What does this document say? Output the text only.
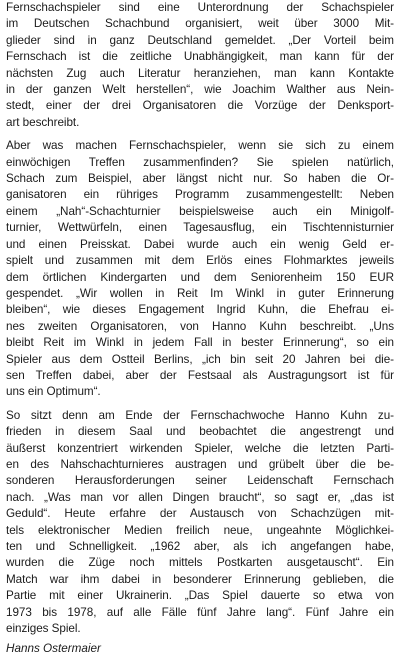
Fernschachspieler sind eine Unterordnung der Schachspieler
im Deutschen Schachbund organisiert, weit über 3000 Mit-
glieder sind in ganz Deutschland gemeldet. „Der Vorteil beim
Fernschach ist die zeitliche Unabhängigkeit, man kann für der
nächsten Zug auch Literatur heranziehen, man kann Kontakte
in der ganzen Welt herstellen“, wie Joachim Walther aus Nein-
stedt, einer der drei Organisatoren die Vorzüge der Denksport-
art beschreibt.

Aber was machen Fernschachspieler, wenn sie sich zu einem
einwöchigen Treffen zusammenfinden? Sie spielen natürlich,
Schach zum Beispiel, aber längst nicht nur. So haben die Or-
ganisatoren ein rühriges Programm zusammengestellt: Neben
einem „Nah“-Schachturnier beispielsweise auch ein Minigolf-
turnier, Wettwürfeln, einen Tagesausflug, ein Tischtennisturnier
und einen Preisskat. Dabei wurde auch ein wenig Geld er-
spielt und zusammen mit dem Erlös eines Flohmarktes jeweils
dem örtlichen Kindergarten und dem Seniorenheim 150 EUR
gespendet. „Wir wollen in Reit Im Winkl in guter Erinnerung
bleiben“, wie dieses Engagement Ingrid Kuhn, die Ehefrau ei-
nes zweiten Organisatoren, von Hanno Kuhn beschreibt. „Uns
bleibt Reit im Winkl in jedem Fall in bester Erinnerung“, so ein
Spieler aus dem Ostteil Berlins, „ich bin seit 20 Jahren bei die-
sen Treffen dabei, aber der Festsaal als Austragungsort ist für
uns ein Optimum“.

So sitzt denn am Ende der Fernschachwoche Hanno Kuhn zu-
frieden in diesem Saal und beobachtet die angestrengt und
äußerst konzentriert wirkenden Spieler, welche die letzten Parti-
en des Nahschachturnieres austragen und grübelt über die be-
sonderen Herausforderungen seiner Leidenschaft Fernschach
nach. „Was man vor allen Dingen braucht“, so sagt er, „das ist
Geduld“. Heute erfahre der Austausch von Schachzügen mit-
tels elektronischer Medien freilich neue, ungeahnte Möglichkei-
ten und Schnelligkeit. „1962 aber, als ich angefangen habe,
wurden die Züge noch mittels Postkarten ausgetauscht“. Ein
Match war ihm dabei in besonderer Erinnerung geblieben, die
Partie mit einer Ukrainerin. „Das Spiel dauerte so etwa von
1973 bis 1978, auf alle Fälle fünf Jahre lang“. Fünf Jahre ein
einziges Spiel.

Hanns Ostermaier
